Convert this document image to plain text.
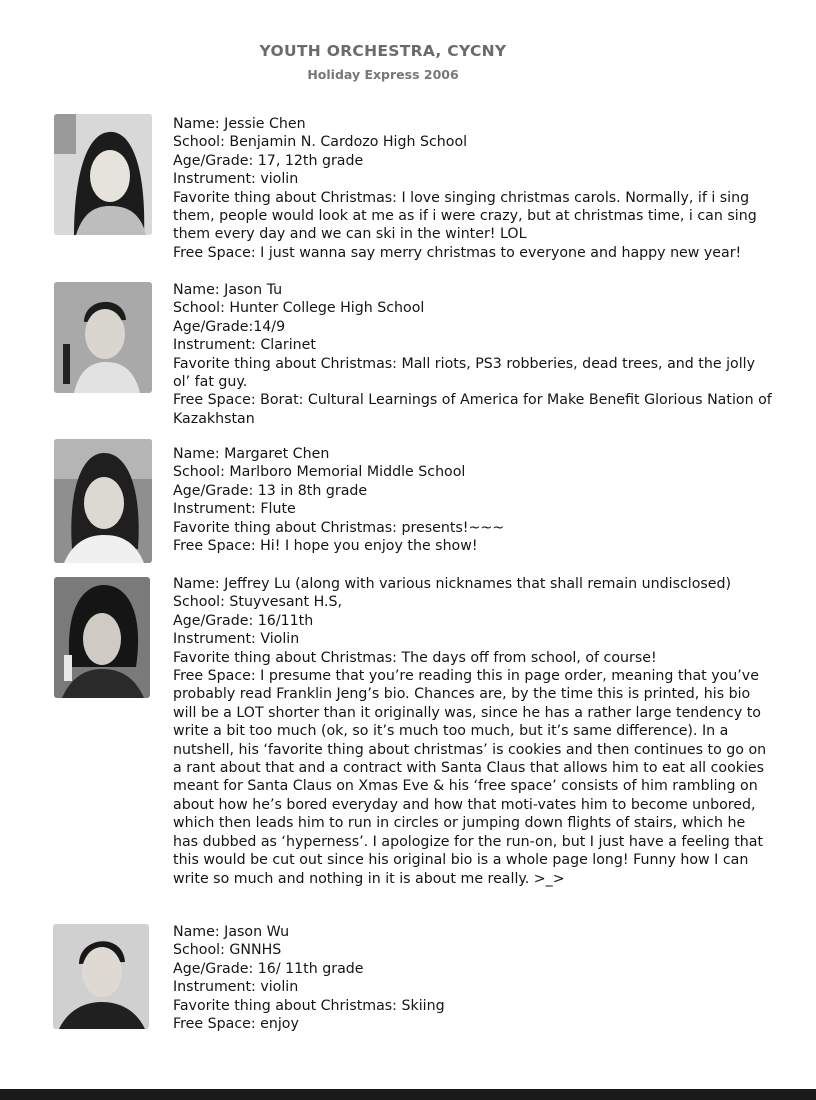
YOUTH ORCHESTRA, CYCNY
Holiday Express 2006

Name: Jessie Chen

School: Benjamin N. Cardozo High School

Age/Grade: 17, 12th grade

Instrument: violin

Favorite thing about Christmas: I love singing christmas carols. Normally, if i sing them, people would look at me as if i were crazy, but at christmas time, i can sing them every day and we can ski in the winter! LOL

Free Space: I just wanna say merry christmas to everyone and happy new year!

Name: Jason Tu

School: Hunter College High School

Age/Grade:14/9

Instrument: Clarinet

Favorite thing about Christmas: Mall riots, PS3 robberies, dead trees, and the jolly ol’ fat guy.

Free Space: Borat: Cultural Learnings of America for Make Benefit Glorious Nation of Kazakhstan

Name: Margaret Chen

School: Marlboro Memorial Middle School

Age/Grade: 13 in 8th grade

Instrument: Flute

Favorite thing about Christmas: presents!~~~

Free Space: Hi! I hope you enjoy the show!

Name: Jeffrey Lu (along with various nicknames that shall remain undisclosed)

School: Stuyvesant H.S,

Age/Grade: 16/11th

Instrument: Violin

Favorite thing about Christmas: The days off from school, of course!

Free Space: I presume that you’re reading this in page order, meaning that you’ve probably read Franklin Jeng’s bio. Chances are, by the time this is printed, his bio will be a LOT shorter than it originally was, since he has a rather large tendency to write a bit too much (ok, so it’s much too much, but it’s same difference). In a nutshell, his ‘favorite thing about christmas’ is cookies and then continues to go on a rant about that and a contract with Santa Claus that allows him to eat all cookies meant for Santa Claus on Xmas Eve & his ‘free space’ consists of him rambling on about how he’s bored everyday and how that moti-vates him to become unbored, which then leads him to run in circles or jumping down flights of stairs, which he has dubbed as ‘hyperness’. I apologize for the run-on, but I just have a feeling that this would be cut out since his original bio is a whole page long! Funny how I can write so much and nothing in it is about me really. >_>

Name: Jason Wu

School: GNNHS

Age/Grade: 16/ 11th grade

Instrument: violin

Favorite thing about Christmas: Skiing

Free Space: enjoy
